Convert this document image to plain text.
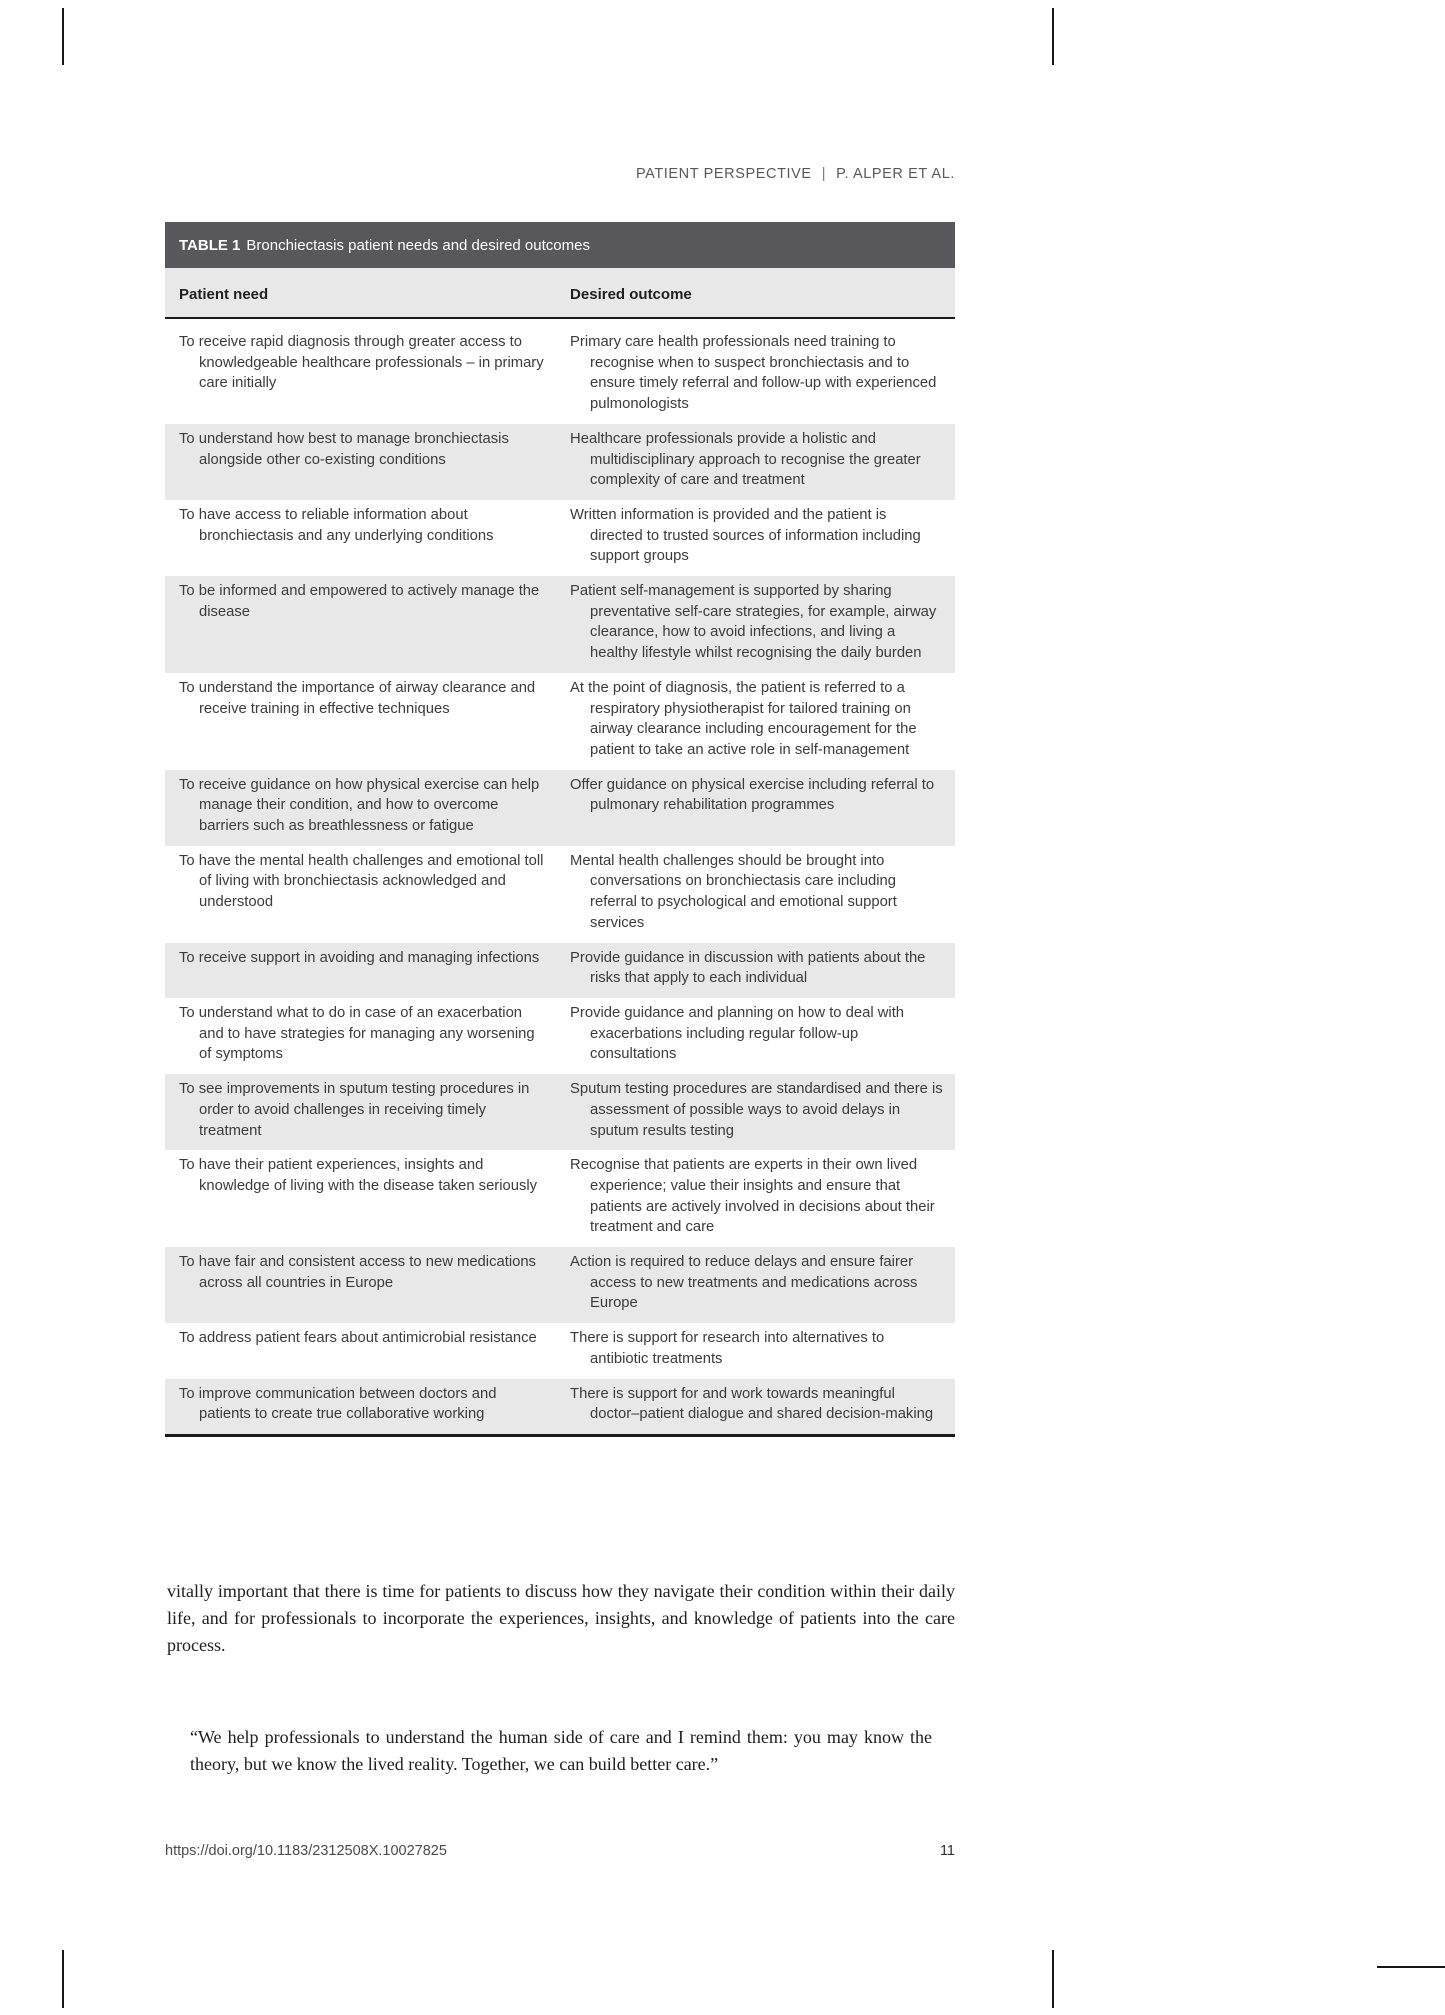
PATIENT PERSPECTIVE | P. ALPER ET AL.
TABLE 1 Bronchiectasis patient needs and desired outcomes
Patient need	Desired outcome
To receive rapid diagnosis through greater access to knowledgeable healthcare professionals – in primary care initially	Primary care health professionals need training to recognise when to suspect bronchiectasis and to ensure timely referral and follow-up with experienced pulmonologists
To understand how best to manage bronchiectasis alongside other co-existing conditions	Healthcare professionals provide a holistic and multidisciplinary approach to recognise the greater complexity of care and treatment
To have access to reliable information about bronchiectasis and any underlying conditions	Written information is provided and the patient is directed to trusted sources of information including support groups
To be informed and empowered to actively manage the disease	Patient self-management is supported by sharing preventative self-care strategies, for example, airway clearance, how to avoid infections, and living a healthy lifestyle whilst recognising the daily burden
To understand the importance of airway clearance and receive training in effective techniques	At the point of diagnosis, the patient is referred to a respiratory physiotherapist for tailored training on airway clearance including encouragement for the patient to take an active role in self-management
To receive guidance on how physical exercise can help manage their condition, and how to overcome barriers such as breathlessness or fatigue	Offer guidance on physical exercise including referral to pulmonary rehabilitation programmes
To have the mental health challenges and emotional toll of living with bronchiectasis acknowledged and understood	Mental health challenges should be brought into conversations on bronchiectasis care including referral to psychological and emotional support services
To receive support in avoiding and managing infections	Provide guidance in discussion with patients about the risks that apply to each individual
To understand what to do in case of an exacerbation and to have strategies for managing any worsening of symptoms	Provide guidance and planning on how to deal with exacerbations including regular follow-up consultations
To see improvements in sputum testing procedures in order to avoid challenges in receiving timely treatment	Sputum testing procedures are standardised and there is assessment of possible ways to avoid delays in sputum results testing
To have their patient experiences, insights and knowledge of living with the disease taken seriously	Recognise that patients are experts in their own lived experience; value their insights and ensure that patients are actively involved in decisions about their treatment and care
To have fair and consistent access to new medications across all countries in Europe	Action is required to reduce delays and ensure fairer access to new treatments and medications across Europe
To address patient fears about antimicrobial resistance	There is support for research into alternatives to antibiotic treatments
To improve communication between doctors and patients to create true collaborative working	There is support for and work towards meaningful doctor–patient dialogue and shared decision-making

vitally important that there is time for patients to discuss how they navigate their condition within their daily life, and for professionals to incorporate the experiences, insights, and knowledge of patients into the care process.

“We help professionals to understand the human side of care and I remind them: you may know the theory, but we know the lived reality. Together, we can build better care.”
https://doi.org/10.1183/2312508X.10027825	11
